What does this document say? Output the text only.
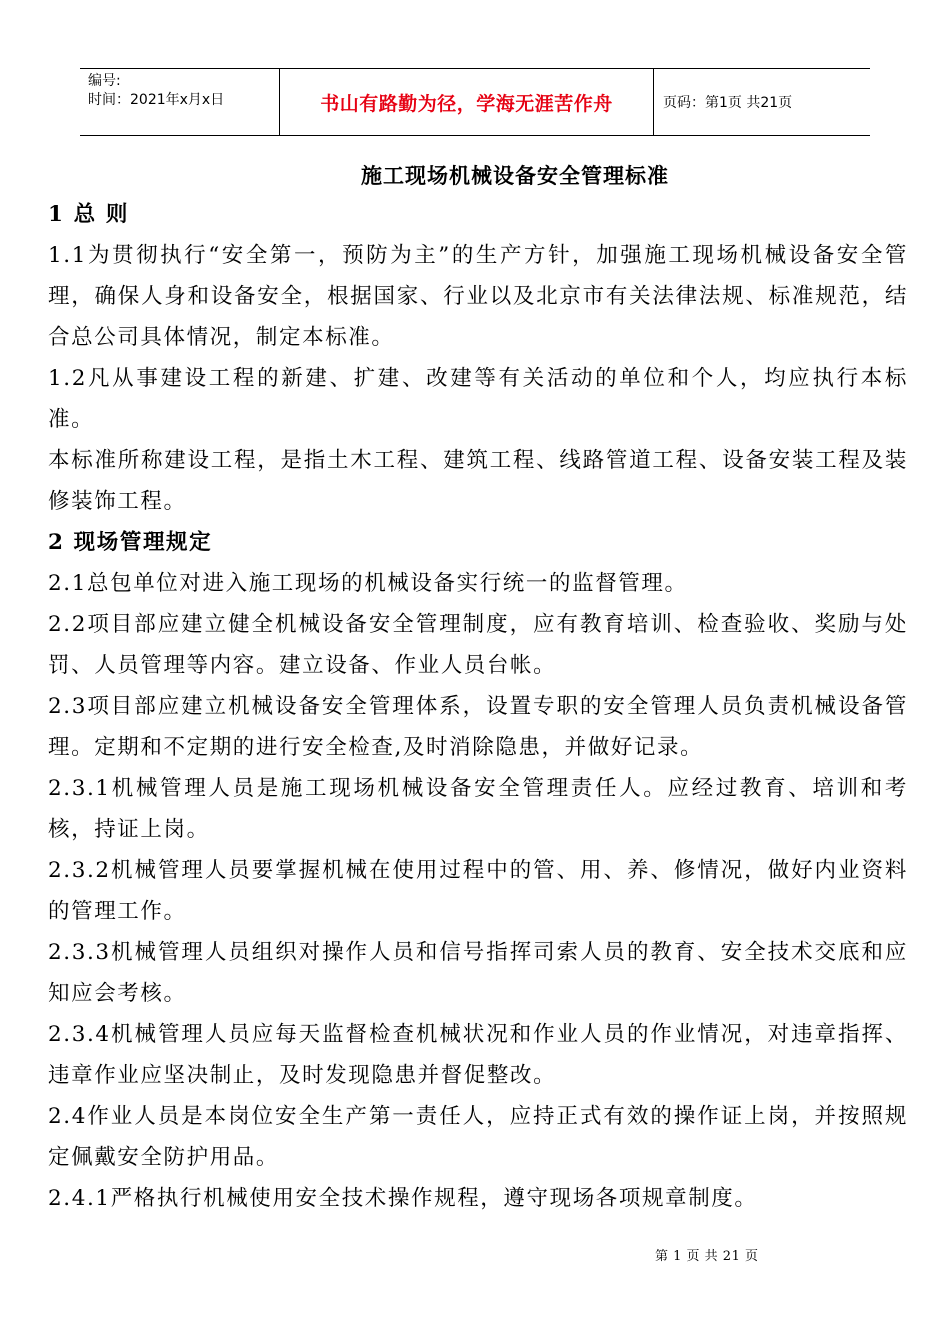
编号:
时间：2021年x月x日	书山有路勤为径，学海无涯苦作舟	页码：第1页 共21页
施工现场机械设备安全管理标准

1 总 则

1.1为贯彻执行“安全第一，预防为主”的生产方针，加强施工现场机械设备安全管理，确保人身和设备安全，根据国家、行业以及北京市有关法律法规、标准规范，结合总公司具体情况，制定本标准。

1.2凡从事建设工程的新建、扩建、改建等有关活动的单位和个人，均应执行本标准。

本标准所称建设工程，是指土木工程、建筑工程、线路管道工程、设备安装工程及装修装饰工程。

2 现场管理规定

2.1总包单位对进入施工现场的机械设备实行统一的监督管理。

2.2项目部应建立健全机械设备安全管理制度，应有教育培训、检查验收、奖励与处罚、人员管理等内容。建立设备、作业人员台帐。

2.3项目部应建立机械设备安全管理体系，设置专职的安全管理人员负责机械设备管理。定期和不定期的进行安全检查,及时消除隐患，并做好记录。

2.3.1机械管理人员是施工现场机械设备安全管理责任人。应经过教育、培训和考核，持证上岗。

2.3.2机械管理人员要掌握机械在使用过程中的管、用、养、修情况，做好内业资料的管理工作。

2.3.3机械管理人员组织对操作人员和信号指挥司索人员的教育、安全技术交底和应知应会考核。

2.3.4机械管理人员应每天监督检查机械状况和作业人员的作业情况，对违章指挥、违章作业应坚决制止，及时发现隐患并督促整改。

2.4作业人员是本岗位安全生产第一责任人，应持正式有效的操作证上岗，并按照规定佩戴安全防护用品。

2.4.1严格执行机械使用安全技术操作规程，遵守现场各项规章制度。

第 1 页 共 21 页
